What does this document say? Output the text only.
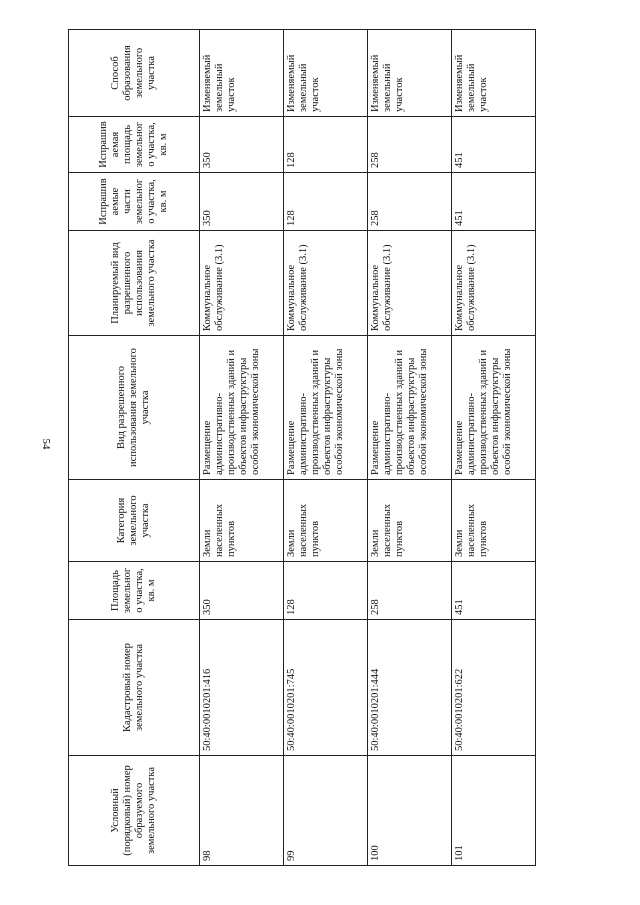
54
Условный (порядковый) номер образуемого земельного участка	Кадастровый номер земельного участка	Площадь земельного участка, кв. м	Категория земельного участка	Вид разрешенного использования земельного участка	Планируемый вид разрешенного использования земельного участка	Испрашиваемые части земельного участка, кв. м	Испрашиваемая площадь земельного участка, кв. м	Способ образования земельного участка
98	50:40:0010201:416	350	Земли населенных пунктов	Размещение административно-производственных зданий и объектов инфраструктуры особой экономической зоны	Коммунальное обслуживание (3.1)	350	350	Изменяемый земельный участок
99	50:40:0010201:745	128	Земли населенных пунктов	Размещение административно-производственных зданий и объектов инфраструктуры особой экономической зоны	Коммунальное обслуживание (3.1)	128	128	Изменяемый земельный участок
100	50:40:0010201:444	258	Земли населенных пунктов	Размещение административно-производственных зданий и объектов инфраструктуры особой экономической зоны	Коммунальное обслуживание (3.1)	258	258	Изменяемый земельный участок
101	50:40:0010201:622	451	Земли населенных пунктов	Размещение административно-производственных зданий и объектов инфраструктуры особой экономической зоны	Коммунальное обслуживание (3.1)	451	451	Изменяемый земельный участок
